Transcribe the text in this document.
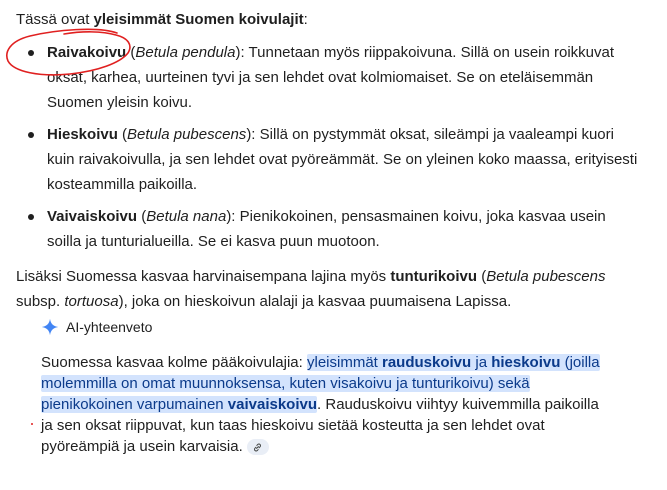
Tässä ovat yleisimmät Suomen koivulajit:

Raivakoivu (Betula pendula): Tunnetaan myös riippakoivuna. Sillä on usein roikkuvat oksat, karhea, uurteinen tyvi ja sen lehdet ovat kolmiomaiset. Se on eteläisemmän Suomen yleisin koivu.
Hieskoivu (Betula pubescens): Sillä on pystymmät oksat, sileämpi ja vaaleampi kuori kuin raivakoivulla, ja sen lehdet ovat pyöreämmät. Se on yleinen koko maassa, erityisesti kosteammilla paikoilla.
Vaivaiskoivu (Betula nana): Pienikokoinen, pensasmainen koivu, joka kasvaa usein soilla ja tunturialueilla. Se ei kasva puun muotoon.

Lisäksi Suomessa kasvaa harvinaisempana lajina myös tunturikoivu (Betula pubescens subsp. tortuosa), joka on hieskoivun alalaji ja kasvaa puumaisena Lapissa.

AI-yhteenveto

Suomessa kasvaa kolme pääkoivulajia: yleisimmät rauduskoivu ja hieskoivu (joilla molemmilla on omat muunnoksensa, kuten visakoivu ja tunturikoivu) sekä pienikokoinen varpumainen vaivaiskoivu. Rauduskoivu viihtyy kuivemmilla paikoilla ja sen oksat riippuvat, kun taas hieskoivu sietää kosteutta ja sen lehdet ovat pyöreämpiä ja usein karvaisia.
